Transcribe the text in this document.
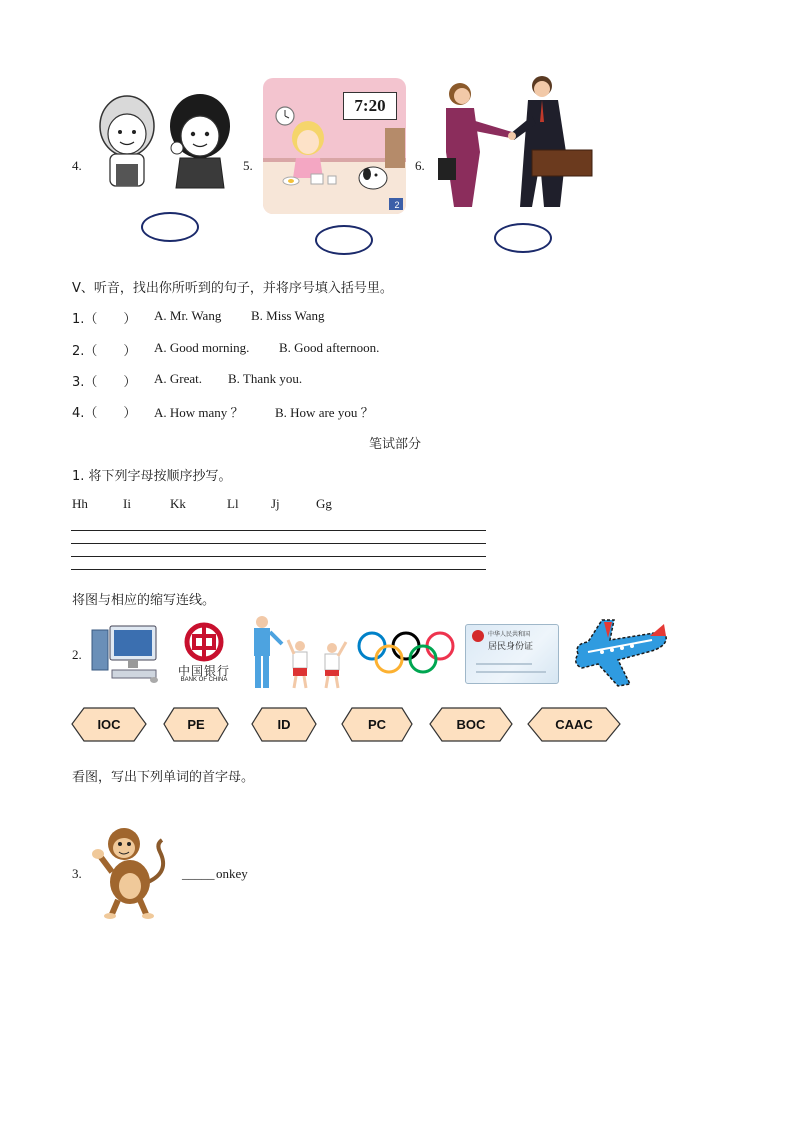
4.	5.
7:20
2
6.
V、听音，找出你所听到的句子，并将序号填入括号里。
1.（　　） A. Mr. Wang B. Miss Wang
2.（　　） A. Good morning. B. Good afternoon.
3.（　　） A. Great. B. Thank you.
4.（　　） A. How many ？ B. How are you ？
笔试部分
1. 将下列字母按顺序抄写。
Hh	Ii	Kk	Ll Jj	Gg
将图与相应的缩写连线。
2.
中国银行
BANK OF CHINA
中华人民共和国
居民身份证
IOC	PE	ID	PC	BOC	CAAC
看图，写出下列单词的首字母。
3.	_____ onkey
